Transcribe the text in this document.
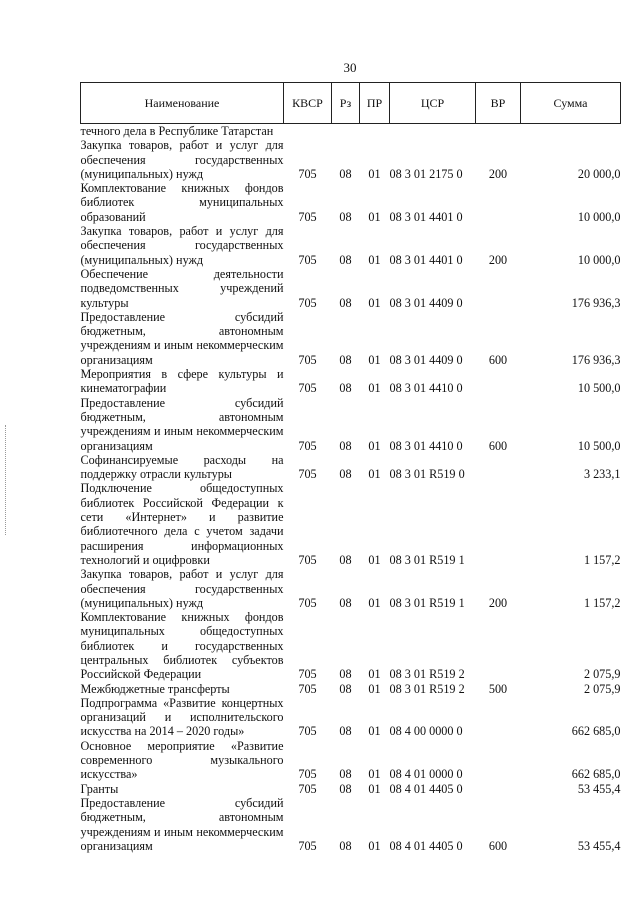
30
Наименование	КВСР	Рз	ПР	ЦСР	ВР	Сумма
течного дела в Республике Татарстан						
Закупка товаров, работ и услуг для обеспечения государственных (муниципальных) нужд	705	08	01	08 3 01 2175 0	200	20 000,0
Комплектование книжных фондов библиотек муниципальных образований	705	08	01	08 3 01 4401 0		10 000,0
Закупка товаров, работ и услуг для обеспечения государственных (муниципальных) нужд	705	08	01	08 3 01 4401 0	200	10 000,0
Обеспечение деятельности подведомственных учреждений культуры	705	08	01	08 3 01 4409 0		176 936,3
Предоставление субсидий бюджетным, автономным учреждениям и иным некоммерческим организациям	705	08	01	08 3 01 4409 0	600	176 936,3
Мероприятия в сфере культуры и кинематографии	705	08	01	08 3 01 4410 0		10 500,0
Предоставление субсидий бюджетным, автономным учреждениям и иным некоммерческим организациям	705	08	01	08 3 01 4410 0	600	10 500,0
Софинансируемые расходы на поддержку отрасли культуры	705	08	01	08 3 01 R519 0		3 233,1
Подключение общедоступных библиотек Российской Федерации к сети «Интернет» и развитие библиотечного дела с учетом задачи расширения информационных технологий и оцифровки	705	08	01	08 3 01 R519 1		1 157,2
Закупка товаров, работ и услуг для обеспечения государственных (муниципальных) нужд	705	08	01	08 3 01 R519 1	200	1 157,2
Комплектование книжных фондов муниципальных общедоступных библиотек и государственных центральных библиотек субъектов Российской Федерации	705	08	01	08 3 01 R519 2		2 075,9
Межбюджетные трансферты	705	08	01	08 3 01 R519 2	500	2 075,9
Подпрограмма «Развитие концертных организаций и исполнительского искусства на 2014 – 2020 годы»	705	08	01	08 4 00 0000 0		662 685,0
Основное мероприятие «Развитие современного музыкального искусства»	705	08	01	08 4 01 0000 0		662 685,0
Гранты	705	08	01	08 4 01 4405 0		53 455,4
Предоставление субсидий бюджетным, автономным учреждениям и иным некоммерческим организациям	705	08	01	08 4 01 4405 0	600	53 455,4
